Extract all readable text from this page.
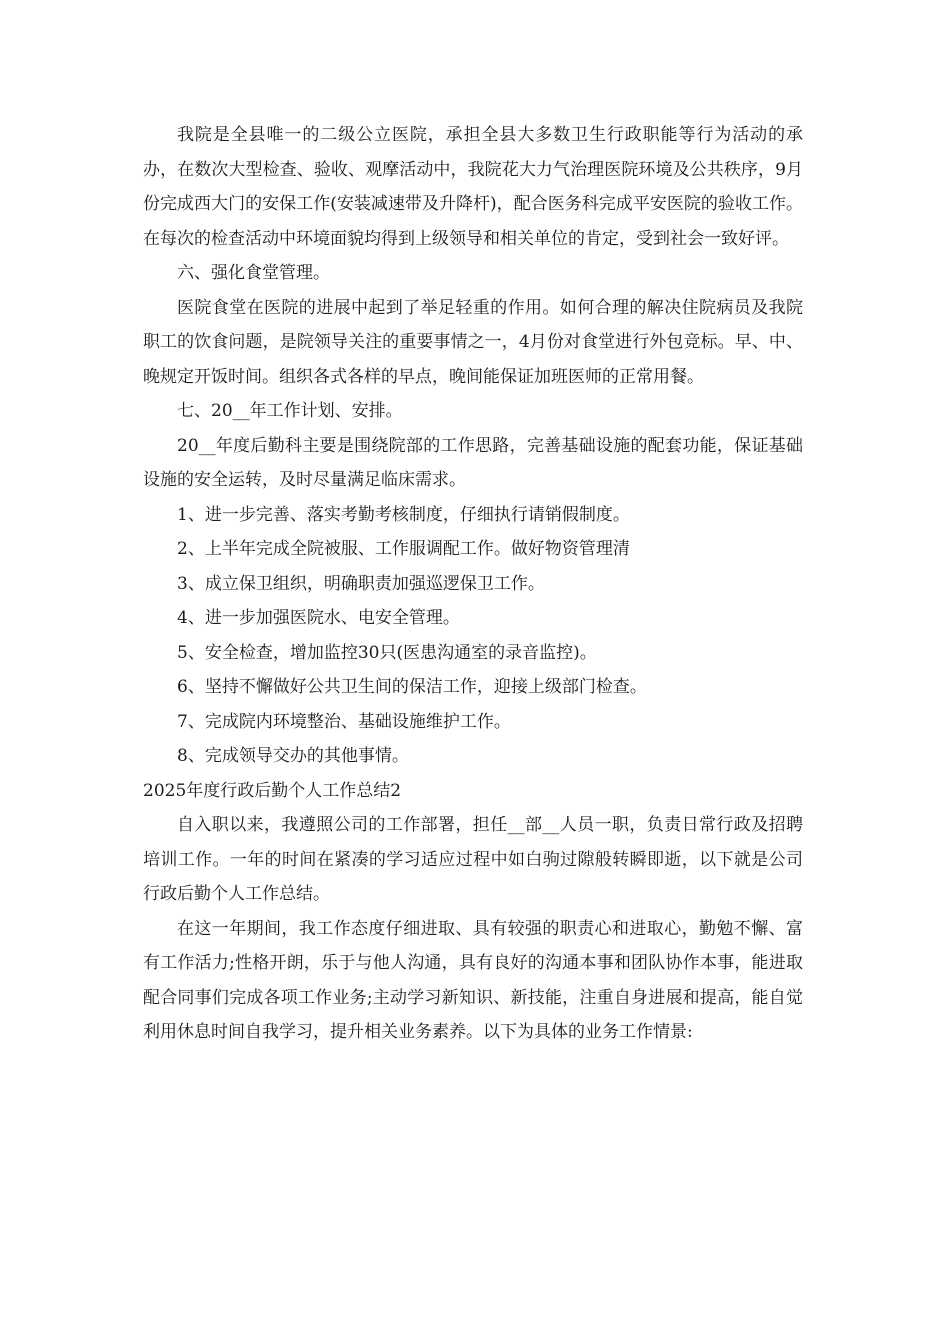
我院是全县唯一的二级公立医院，承担全县大多数卫生行政职能等行为活动的承办，在数次大型检查、验收、观摩活动中，我院花大力气治理医院环境及公共秩序，9月份完成西大门的安保工作(安装减速带及升降杆)，配合医务科完成平安医院的验收工作。在每次的检查活动中环境面貌均得到上级领导和相关单位的肯定，受到社会一致好评。

六、强化食堂管理。

医院食堂在医院的进展中起到了举足轻重的作用。如何合理的解决住院病员及我院职工的饮食问题，是院领导关注的重要事情之一，4月份对食堂进行外包竞标。早、中、晚规定开饭时间。组织各式各样的早点，晚间能保证加班医师的正常用餐。

七、20__年工作计划、安排。

20__年度后勤科主要是围绕院部的工作思路，完善基础设施的配套功能，保证基础设施的安全运转，及时尽量满足临床需求。

1、进一步完善、落实考勤考核制度，仔细执行请销假制度。

2、上半年完成全院被服、工作服调配工作。做好物资管理清

3、成立保卫组织，明确职责加强巡逻保卫工作。

4、进一步加强医院水、电安全管理。

5、安全检查，增加监控30只(医患沟通室的录音监控)。

6、坚持不懈做好公共卫生间的保洁工作，迎接上级部门检查。

7、完成院内环境整治、基础设施维护工作。

8、完成领导交办的其他事情。

2025年度行政后勤个人工作总结2

自入职以来，我遵照公司的工作部署，担任__部__人员一职，负责日常行政及招聘培训工作。一年的时间在紧凑的学习适应过程中如白驹过隙般转瞬即逝，以下就是公司行政后勤个人工作总结。

在这一年期间，我工作态度仔细进取、具有较强的职责心和进取心，勤勉不懈、富有工作活力;性格开朗，乐于与他人沟通，具有良好的沟通本事和团队协作本事，能进取配合同事们完成各项工作业务;主动学习新知识、新技能，注重自身进展和提高，能自觉利用休息时间自我学习，提升相关业务素养。以下为具体的业务工作情景:
